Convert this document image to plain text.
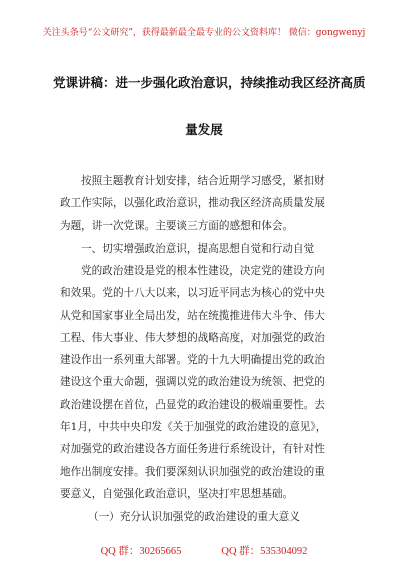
关注头条号“公文研究”，获得最新最全最专业的公文资料库！ 微信：gongwenyj
党课讲稿：进一步强化政治意识，持续推动我区经济高质
量发展
按照主题教育计划安排，结合近期学习感受，紧扣财
政工作实际，以强化政治意识，推动我区经济高质量发展
为题，讲一次党课。主要谈三方面的感想和体会。
一、切实增强政治意识，提高思想自觉和行动自觉
党的政治建设是党的根本性建设，决定党的建设方向
和效果。党的十八大以来，以习近平同志为核心的党中央
从党和国家事业全局出发，站在统揽推进伟大斗争、伟大
工程、伟大事业、伟大梦想的战略高度，对加强党的政治
建设作出一系列重大部署。党的十九大明确提出党的政治
建设这个重大命题，强调以党的政治建设为统领、把党的
政治建设摆在首位，凸显党的政治建设的极端重要性。去
年1月，中共中央印发《关于加强党的政治建设的意见》，
对加强党的政治建设各方面任务进行系统设计，有针对性
地作出制度安排。我们要深刻认识加强党的政治建设的重
要意义，自觉强化政治意识，坚决打牢思想基础。
（一）充分认识加强党的政治建设的重大意义
QQ 群：30265665	QQ 群：535304092
